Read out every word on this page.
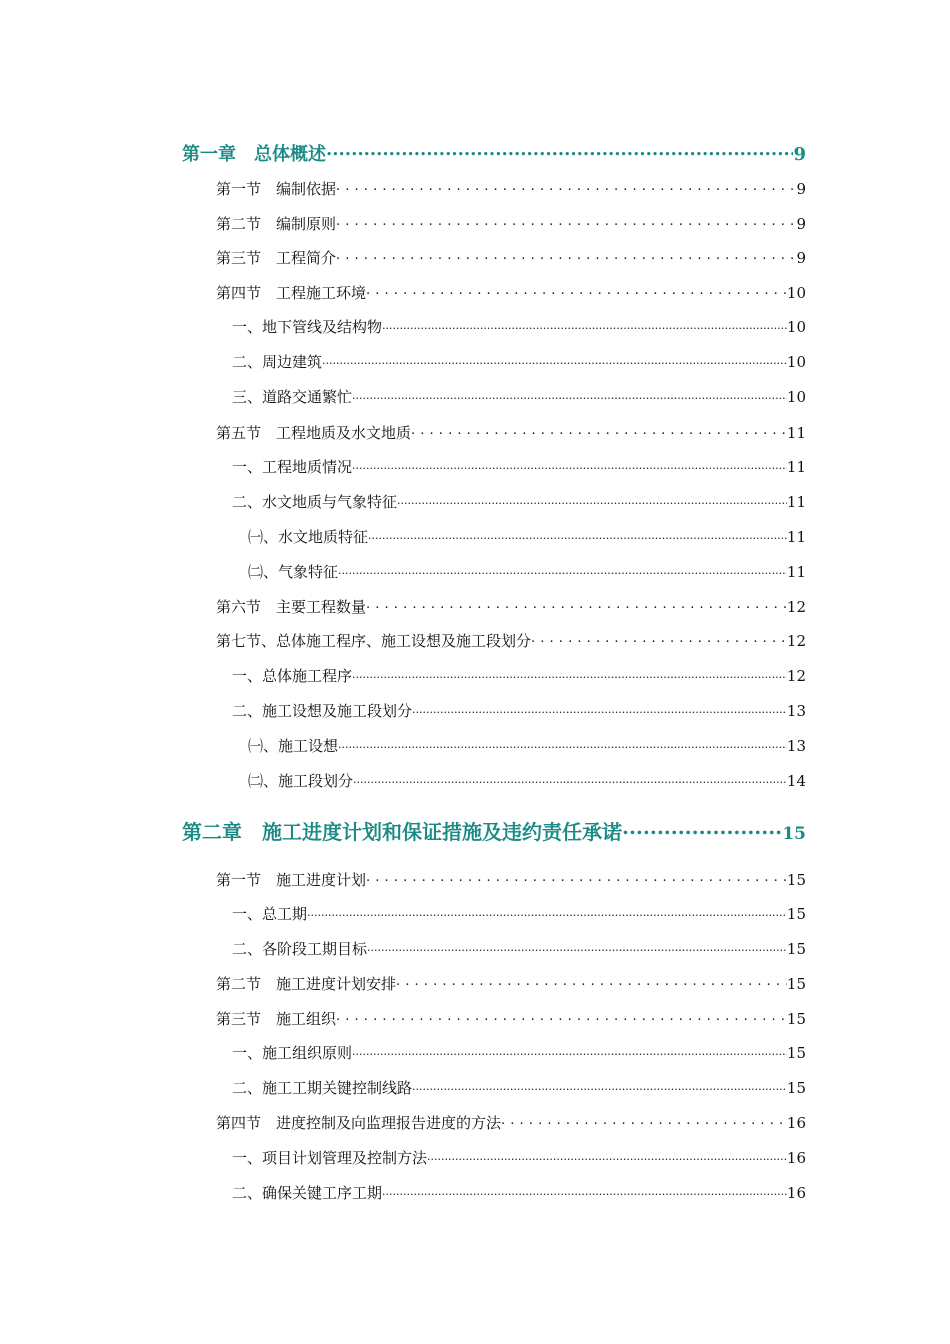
第一章　总体概述 .....	9
第一节　编制依据 . . .	9
第二节　编制原则 . . .	9
第三节　工程简介 . . .	9
第四节　工程施工环境 . . .	10
一、地下管线及结构物 .....	10
二、周边建筑 .....	10
三、道路交通繁忙 .....	10
第五节　工程地质及水文地质 . . .	11
一、工程地质情况 .....	11
二、水文地质与气象特征 .....	11
㈠、水文地质特征 .....	11
㈡、气象特征 .....	11
第六节　主要工程数量 . . .	12
第七节、总体施工程序、施工设想及施工段划分 . . .	12
一、总体施工程序 .....	12
二、施工设想及施工段划分 .....	13
㈠、施工设想 .....	13
㈡、施工段划分 .....	14
第二章　施工进度计划和保证措施及违约责任承诺 .....	15
第一节　施工进度计划 . . .	15
一、总工期 .....	15
二、各阶段工期目标 .....	15
第二节　施工进度计划安排 . . .	15
第三节　施工组织 . . .	15
一、施工组织原则 .....	15
二、施工工期关键控制线路 .....	15
第四节　进度控制及向监理报告进度的方法 . . .	16
一、项目计划管理及控制方法 .....	16
二、确保关键工序工期 .....	16
